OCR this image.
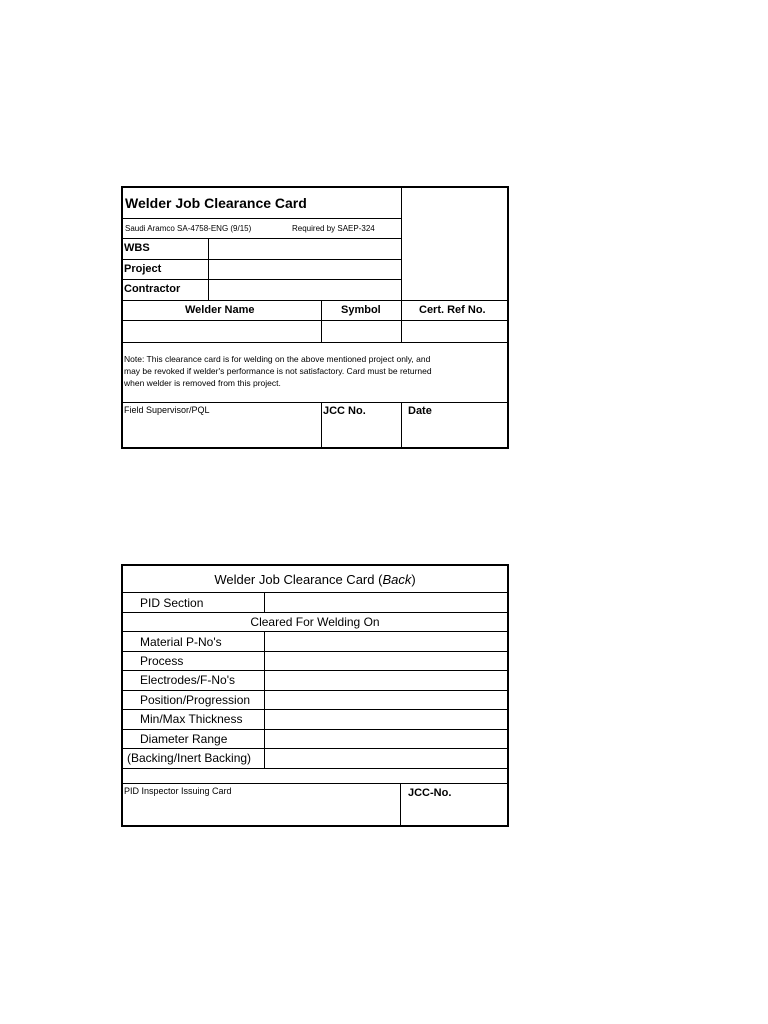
Welder Job Clearance Card
Saudi Aramco SA-4758-ENG (9/15)	Required by SAEP-324
WBS
Project
Contractor
Welder Name	Symbol	Cert. Ref No.
Note: This clearance card is for welding on the above mentioned project only, and
may be revoked if welder's performance is not satisfactory. Card must be returned
when welder is removed from this project.
Field Supervisor/PQL	JCC No.	Date
Welder Job Clearance Card (Back)
PID Section
Cleared For Welding On
Material P-No's
Process
Electrodes/F-No's
Position/Progression
Min/Max Thickness
Diameter Range
(Backing/Inert Backing)
PID Inspector Issuing Card	JCC-No.
